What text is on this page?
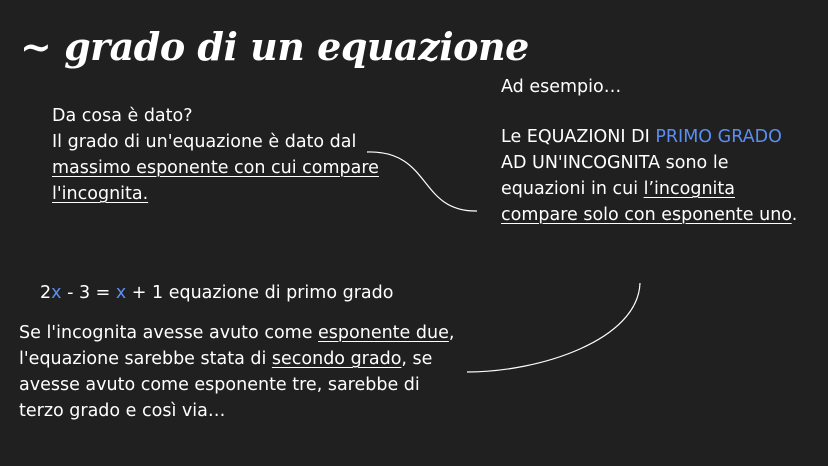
~ grado di un equazione
Da cosa è dato?
Il grado di un'equazione è dato dal massimo esponente con cui compare l'incognita.
Ad esempio…
Le EQUAZIONI DI PRIMO GRADO AD UN'INCOGNITA sono le equazioni in cui l’incognita compare solo con esponente uno.
2x - 3 = x + 1 equazione di primo grado
Se l'incognita avesse avuto come esponente due, l'equazione sarebbe stata di secondo grado, se avesse avuto come esponente tre, sarebbe di terzo grado e così via…
